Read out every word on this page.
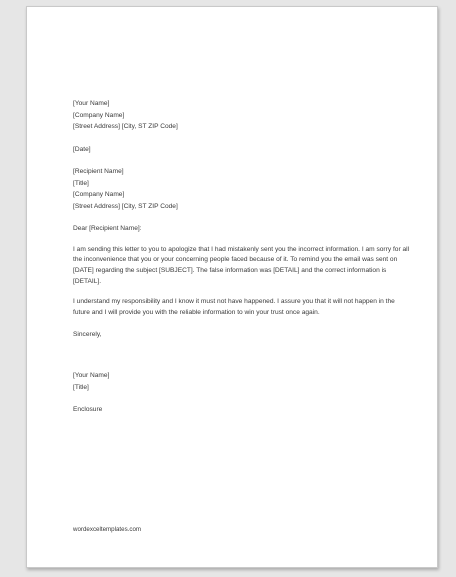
[Your Name]
[Company Name]
[Street Address] [City, ST ZIP Code]
[Date]
[Recipient Name]
[Title]
[Company Name]
[Street Address] [City, ST ZIP Code]
Dear [Recipient Name]:

I am sending this letter to you to apologize that I had mistakenly sent you the incorrect information. I am sorry for all the inconvenience that you or your concerning people faced because of it. To remind you the email was sent on [DATE] regarding the subject [SUBJECT]. The false information was [DETAIL] and the correct information is [DETAIL].

I understand my responsibility and I know it must not have happened. I assure you that it will not happen in the future and I will provide you with the reliable information to win your trust once again.

Sincerely,
[Your Name]
[Title]
Enclosure
wordexceltemplates.com
